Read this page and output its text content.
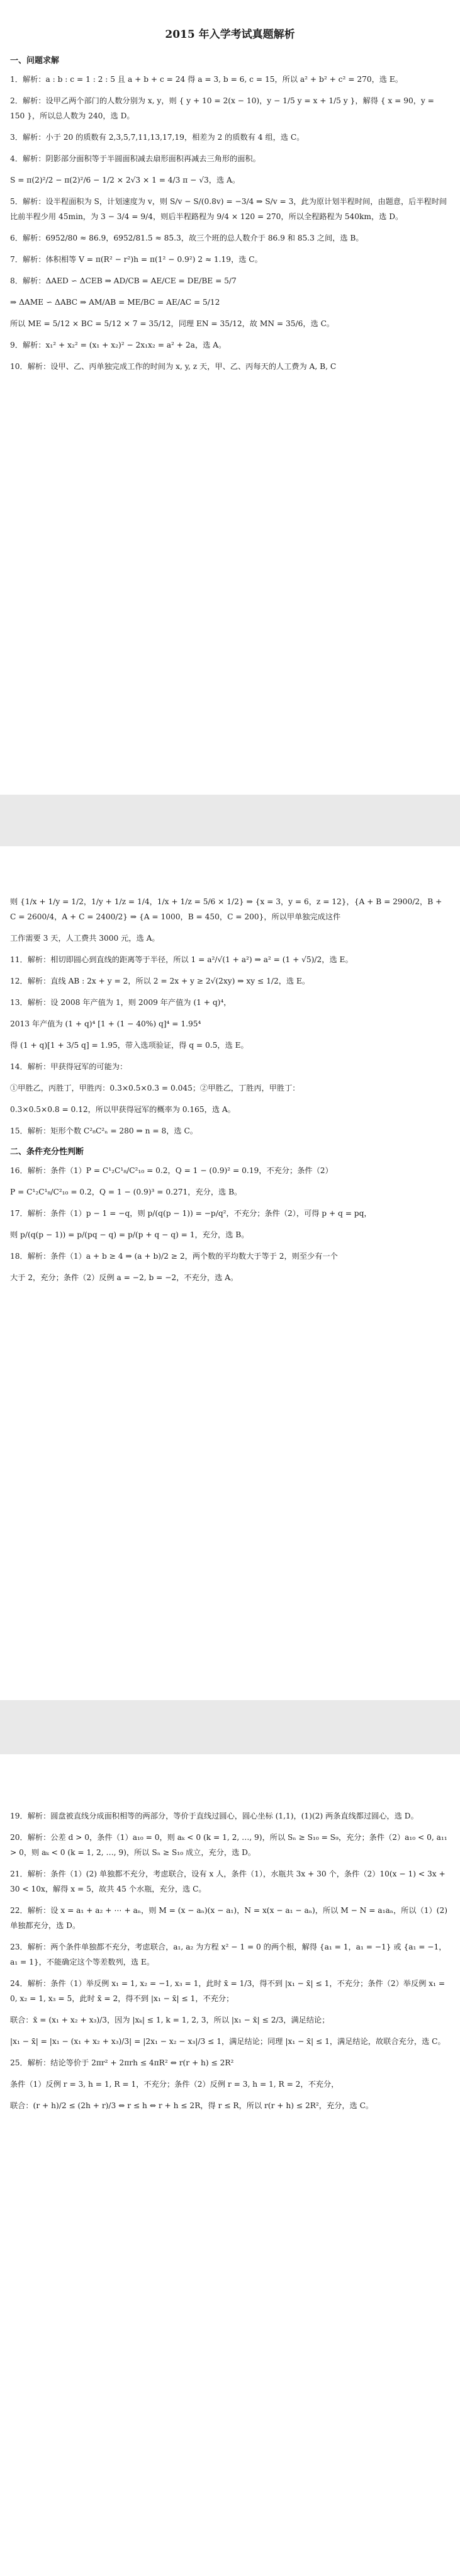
2015 年入学考试真题解析
一、问题求解
1．解析：a : b : c = 1 : 2 : 5 且 a + b + c = 24 得 a = 3, b = 6, c = 15，所以 a² + b² + c² = 270，选 E。
2．解析：设甲乙两个部门的人数分别为 x, y，则 { y + 10 = 2(x − 10)，y − 1/5 y = x + 1/5 y }，解得 { x = 90，y = 150 }，所以总人数为 240，选 D。
3．解析：小于 20 的质数有 2,3,5,7,11,13,17,19，相差为 2 的质数有 4 组，选 C。
4．解析：阴影部分面积等于半圆面积减去扇形面积再减去三角形的面积。
S = π(2)²/2 − π(2)²/6 − 1/2 × 2√3 × 1 = 4/3 π − √3，选 A。
5．解析：设半程面积为 S，计划速度为 v，则 S/v − S/(0.8v) = −3/4 ⇒ S/v = 3，此为原计划半程时间，由题意，后半程时间比前半程少用 45min，为 3 − 3/4 = 9/4，则后半程路程为 9/4 × 120 = 270，所以全程路程为 540km，选 D。
6．解析：6952/80 ≈ 86.9，6952/81.5 ≈ 85.3，故三个班的总人数介于 86.9 和 85.3 之间，选 B。
7．解析：体积相等 V = π(R² − r²)h = π(1² − 0.9²) 2 ≈ 1.19，选 C。
8．解析：ΔAED ∽ ΔCEB ⇒ AD/CB = AE/CE = DE/BE = 5/7
⇒ ΔAME ∽ ΔABC ⇒ AM/AB = ME/BC = AE/AC = 5/12
所以 ME = 5/12 × BC = 5/12 × 7 = 35/12，同理 EN = 35/12，故 MN = 35/6，选 C。
9．解析：x₁² + x₂² = (x₁ + x₂)² − 2x₁x₂ = a² + 2a，选 A。
10．解析：设甲、乙、丙单独完成工作的时间为 x, y, z 天，甲、乙、丙每天的人工费为 A, B, C
则 {1/x + 1/y = 1/2，1/y + 1/z = 1/4，1/x + 1/z = 5/6 × 1/2} ⇒ {x = 3，y = 6，z = 12}，{A + B = 2900/2，B + C = 2600/4，A + C = 2400/2} ⇒ {A = 1000，B = 450，C = 200}，所以甲单独完成这件
工作需要 3 天，人工费共 3000 元，选 A。
11．解析：相切即圆心到直线的距离等于半径，所以 1 = a²/√(1 + a²) ⇒ a² = (1 + √5)/2，选 E。
12．解析：直线 AB : 2x + y = 2，所以 2 = 2x + y ≥ 2√(2xy) ⇒ xy ≤ 1/2，选 E。
13．解析：设 2008 年产值为 1，则 2009 年产值为 (1 + q)⁴，
2013 年产值为 (1 + q)⁴ [1 + (1 − 40%) q]⁴ = 1.95⁴
得 (1 + q)[1 + 3/5 q] = 1.95，带入选项验证，得 q = 0.5，选 E。
14．解析：甲获得冠军的可能为：
①甲胜乙，丙胜丁，甲胜丙：0.3×0.5×0.3 = 0.045；②甲胜乙，丁胜丙，甲胜丁：
0.3×0.5×0.8 = 0.12，所以甲获得冠军的概率为 0.165，选 A。
15．解析：矩形个数 C²₈C²ₙ = 280 ⇒ n = 8，选 C。
二、条件充分性判断
16．解析：条件（1）P = C¹₂C¹₈/C²₁₀ = 0.2，Q = 1 − (0.9)² = 0.19，不充分；条件（2）
P = C¹₂C¹₈/C²₁₀ = 0.2，Q = 1 − (0.9)³ = 0.271，充分，选 B。
17．解析：条件（1）p − 1 = −q，则 p/(q(p − 1)) = −p/q²，不充分；条件（2），可得 p + q = pq，
则 p/(q(p − 1)) = p/(pq − q) = p/(p + q − q) = 1，充分，选 B。
18．解析：条件（1）a + b ≥ 4 ⇒ (a + b)/2 ≥ 2，两个数的平均数大于等于 2，则至少有一个
大于 2，充分；条件（2）反例 a = −2, b = −2，不充分，选 A。
19．解析：圆盘被直线分成面积相等的两部分，等价于直线过圆心，圆心坐标 (1,1)，(1)(2) 两条直线都过圆心，选 D。
20．解析：公差 d > 0，条件（1）a₁₀ = 0，则 aₖ < 0 (k = 1, 2, …, 9)，所以 Sₙ ≥ S₁₀ = S₉，充分；条件（2）a₁₀ < 0, a₁₁ > 0，则 aₖ < 0 (k = 1, 2, …, 9)，所以 Sₙ ≥ S₁₀ 成立，充分，选 D。
21．解析：条件（1）(2) 单独都不充分，考虑联合，设有 x 人，条件（1），水瓶共 3x + 30 个，条件（2）10(x − 1) < 3x + 30 < 10x，解得 x = 5，故共 45 个水瓶，充分，选 C。
22．解析：设 x = a₁ + a₂ + ⋯ + aₙ，则 M = (x − aₙ)(x − a₁)，N = x(x − a₁ − aₙ)，所以 M − N = a₁aₙ，所以（1）(2) 单独都充分，选 D。
23．解析：两个条件单独都不充分，考虑联合，a₁, a₂ 为方程 x² − 1 = 0 的两个根，解得 {a₁ = 1，a₁ = −1} 或 {a₁ = −1，a₁ = 1}，不能确定这个等差数列，选 E。
24．解析：条件（1）举反例 x₁ = 1, x₂ = −1, x₃ = 1，此时 x̄ = 1/3，得不到 |x₁ − x̄| ≤ 1，不充分；条件（2）举反例 x₁ = 0, x₂ = 1, x₃ = 5，此时 x̄ = 2，得不到 |x₁ − x̄| ≤ 1，不充分；
联合：x̄ = (x₁ + x₂ + x₃)/3，因为 |xₖ| ≤ 1, k = 1, 2, 3，所以 |x₁ − x̄| ≤ 2/3，满足结论；
|x₁ − x̄| = |x₁ − (x₁ + x₂ + x₃)/3| = |2x₁ − x₂ − x₃|/3 ≤ 1，满足结论；同理 |x₁ − x̄| ≤ 1，满足结论，故联合充分，选 C。
25．解析：结论等价于 2πr² + 2πrh ≤ 4πR² ⇔ r(r + h) ≤ 2R²
条件（1）反例 r = 3, h = 1, R = 1，不充分；条件（2）反例 r = 3, h = 1, R = 2，不充分，
联合：(r + h)/2 ≤ (2h + r)/3 ⇔ r ≤ h ⇔ r + h ≤ 2R，得 r ≤ R，所以 r(r + h) ≤ 2R²，充分，选 C。
